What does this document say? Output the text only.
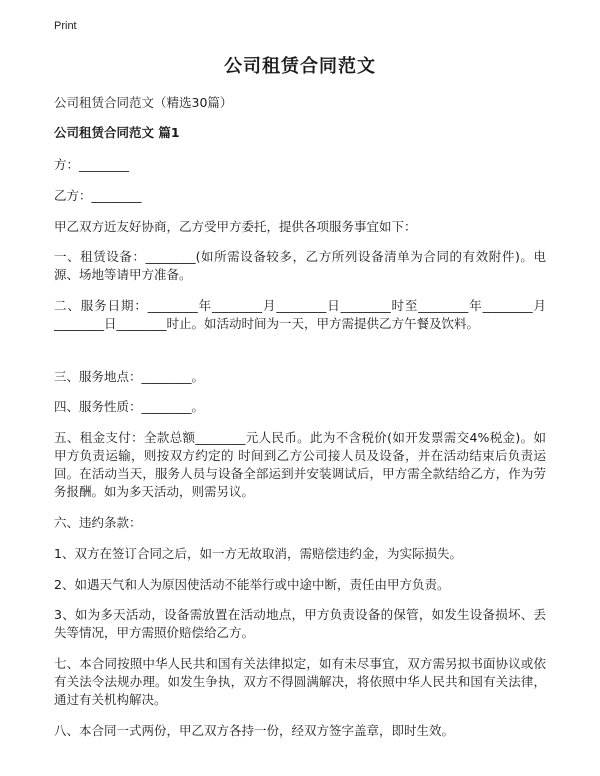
Print
公司租赁合同范文

公司租赁合同范文（精选30篇）

公司租赁合同范文 篇1

方：________

乙方：________

甲乙双方近友好协商，乙方受甲方委托，提供各项服务事宜如下：

一、租赁设备：________(如所需设备较多，乙方所列设备清单为合同的有效附件)。电源、场地等请甲方准备。

二、服务日期：________年________月________日________时至________年________月________日________时止。如活动时间为一天，甲方需提供乙方午餐及饮料。

三、服务地点：________。

四、服务性质：________。

五、租金支付：全款总额________元人民币。此为不含税价(如开发票需交4%税金)。如甲方负责运输，则按双方约定的 时间到乙方公司接人员及设备，并在活动结束后负责运回。在活动当天，服务人员与设备全部运到并安装调试后，甲方需全款结给乙方，作为劳务报酬。如为多天活动，则需另议。

六、违约条款：

1、双方在签订合同之后，如一方无故取消，需赔偿违约金，为实际损失。

2、如遇天气和人为原因使活动不能举行或中途中断，责任由甲方负责。

3、如为多天活动，设备需放置在活动地点，甲方负责设备的保管，如发生设备损坏、丢失等情况，甲方需照价赔偿给乙方。

七、本合同按照中华人民共和国有关法律拟定，如有未尽事宜，双方需另拟书面协议或依有关法令法规办理。如发生争执，双方不得圆满解决，将依照中华人民共和国有关法律，通过有关机构解决。

八、本合同一式两份，甲乙双方各持一份，经双方签字盖章，即时生效。
